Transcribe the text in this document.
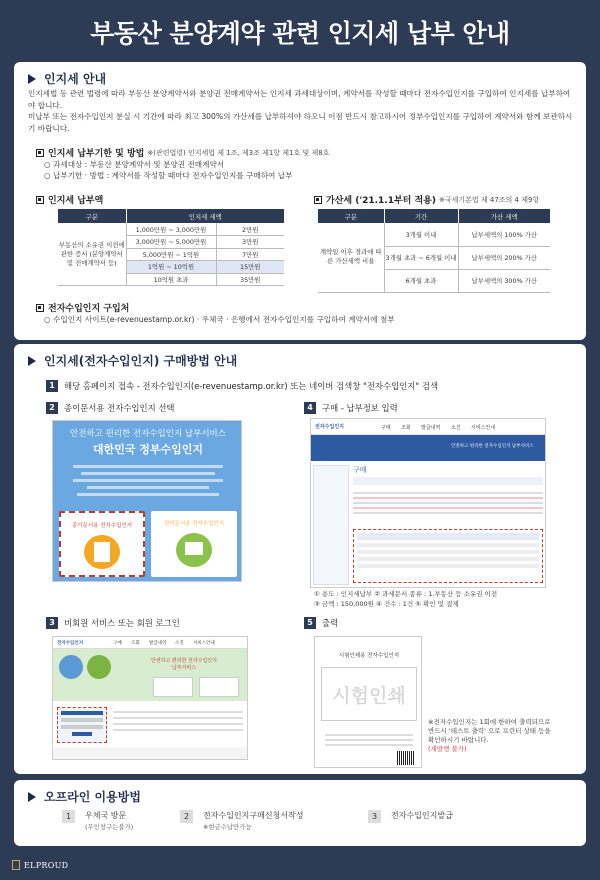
부동산 분양계약 관련 인지세 납부 안내
인지세 안내
인지세법 등 관련 법령에 따라 부동산 분양계약서와 분양권 전매계약서는 인지세 과세대상이며, 계약서를 작성할 때마다 전자수입인지를 구입하여 인지세를 납부하여야 합니다.
미납부 또는 전자수입인지 분실 시 기간에 따라 최고 300%의 가산세를 납부하셔야 하오니 이점 반드시 참고하시어 정부수입인지를 구입하여 계약서와 함께 보관하시기 바랍니다.
인지세 납부기한 및 방법 ※(관련법령) 인지세법 제 1조, 제3조 제1항 제1호 및 제8호
○ 과세대상 : 부동산 분양계약서 및 분양권 전매계약서
○ 납부기한 · 방법 : 계약서를 작성할 때마다 전자수입인지를 구매하여 납부
인지세 납부액
구분	인지세 세액	
부동산의 소유권 이전에 관한 증서 (분양계약서 및 전매계약서 등)	1,000만원 ~ 3,000만원	2만원
	3,000만원 ~ 5,000만원	3만원
	5,000만원 ~ 1억원	7만원
	1억원 ~ 10억원	15만원
	10억원 초과	35만원
가산세 ('21.1.1부터 적용) ※국세기본법 제 47조의 4 제9항
구분	기간	가산 세액
계약일 이후 경과에 따른 가산세액 비율	3개월 이내	납부세액의 100% 가산
	3개월 초과 ~ 6개월 이내	납부세액의 200% 가산
	6개월 초과	납부세액의 300% 가산
전자수입인지 구입처
○ 수입인지 사이트(e-revenuestamp.or.kr) · 우체국 · 은행에서 전자수입인지를 구입하여 계약서에 첨부
인지세(전자수입인지) 구매방법 안내
1	해당 홈페이지 접속 - 전자수입인지(e-revenuestamp.or.kr) 또는 네이버 검색창 "전자수입인지" 검색
2	종이문서용 전자수입인지 선택	4	구매 - 납부정보 입력
안전하고 편리한 전자수입인지 납부서비스
대한민국 정부수입인지
종이문서용 전자수입인지	전자문서용 전자수입인지
전자수입인지	구매 조회 발급내역 소진 서비스안내
안전하고 편리한 전자수입인지 납부서비스
구매
① 용도 : 인지세납부 ② 과세문서 종류 : 1.부동산 등 소유권 이전
③ 금액 : 150,000원 ④ 건수 : 1건 ⑤ 확인 및 결제
3	비회원 서비스 또는 회원 로그인	5	출력
전자수입인지	구매 조회 발급내역 소진 서비스안내
안전하고 편리한 전자수입인지 납부서비스
시험인쇄용 전자수입인지
시험인쇄
※전자수입인지는 1회에 한하여 출력되므로
반드시 '테스트 출력' 으로 프린터 상태 등을
확인하시기 바랍니다.
(재발행 불가)
오프라인 이용방법
1	우체국 방문
(무인창구는불가)
2	전자수입인지구매신청서작성
※현금수납만가능
3	전자수입인지발급
ELPROUD
